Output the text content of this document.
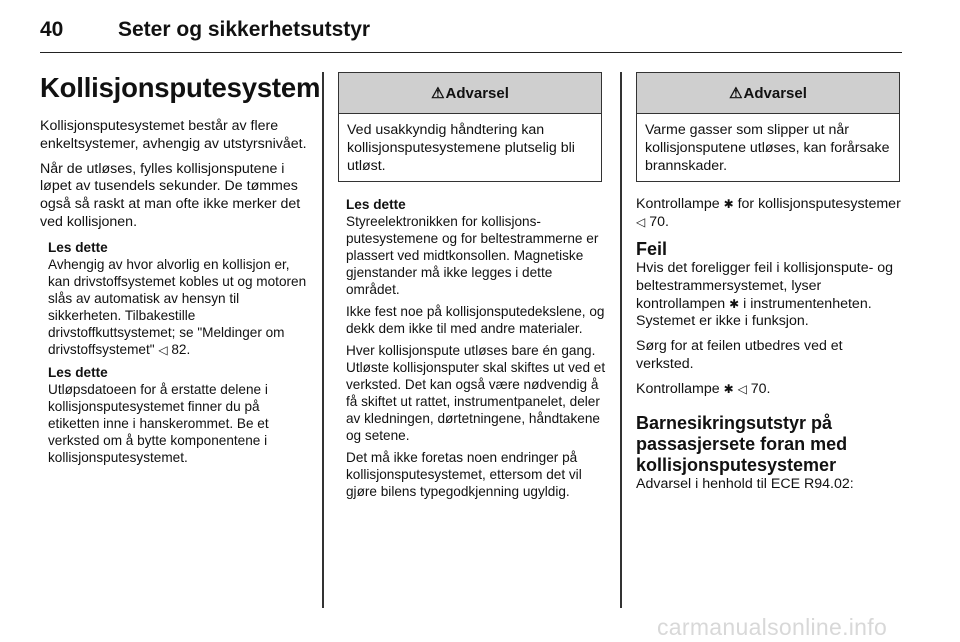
40	Seter og sikkerhetsutstyr
Kollisjonsputesystem

Kollisjonsputesystemet består av flere enkeltsystemer, avhengig av utstyrsnivået.

Når de utløses, fylles kollisjonsputene i løpet av tusendels sekunder. De tømmes også så raskt at man ofte ikke merker det ved kollisjonen.

Les dette

Avhengig av hvor alvorlig en kollisjon er, kan drivstoffsystemet kobles ut og motoren slås av automatisk av hensyn til sikkerheten. Tilbakestille drivstoffkuttsystemet; se "Meldinger om drivstoffsystemet" ◁ 82.

Les dette

Utløpsdatoeen for å erstatte delene i kollisjonsputesystemet finner du på etiketten inne i hanskerommet. Be et verksted om å bytte komponentene i kollisjonsputesystemet.

⚠ Advarsel
Ved usakkyndig håndtering kan kollisjonsputesystemene plutselig bli utløst.
Les dette

Styreelektronikken for kollisjonsputesystemene og for beltestrammerne er plassert ved midtkonsollen. Magnetiske gjenstander må ikke legges i dette området.

Ikke fest noe på kollisjonsputedekslene, og dekk dem ikke til med andre materialer.

Hver kollisjonspute utløses bare én gang. Utløste kollisjonsputer skal skiftes ut ved et verksted. Det kan også være nødvendig å få skiftet ut rattet, instrumentpanelet, deler av kledningen, dørtetningene, håndtakene og setene.

Det må ikke foretas noen endringer på kollisjonsputesystemet, ettersom det vil gjøre bilens typegodkjenning ugyldig.

⚠ Advarsel
Varme gasser som slipper ut når kollisjonsputene utløses, kan forårsake brannskader.

Kontrollampe ✱ for kollisjonsputesystemer ◁ 70.

Feil

Hvis det foreligger feil i kollisjonspute- og beltestrammersystemet, lyser kontrollampen ✱ i instrumentenheten. Systemet er ikke i funksjon.

Sørg for at feilen utbedres ved et verksted.

Kontrollampe ✱ ◁ 70.

Barnesikringsutstyr på passasjersete foran med kollisjonsputesystemer

Advarsel i henhold til ECE R94.02:

carmanualsonline.info
